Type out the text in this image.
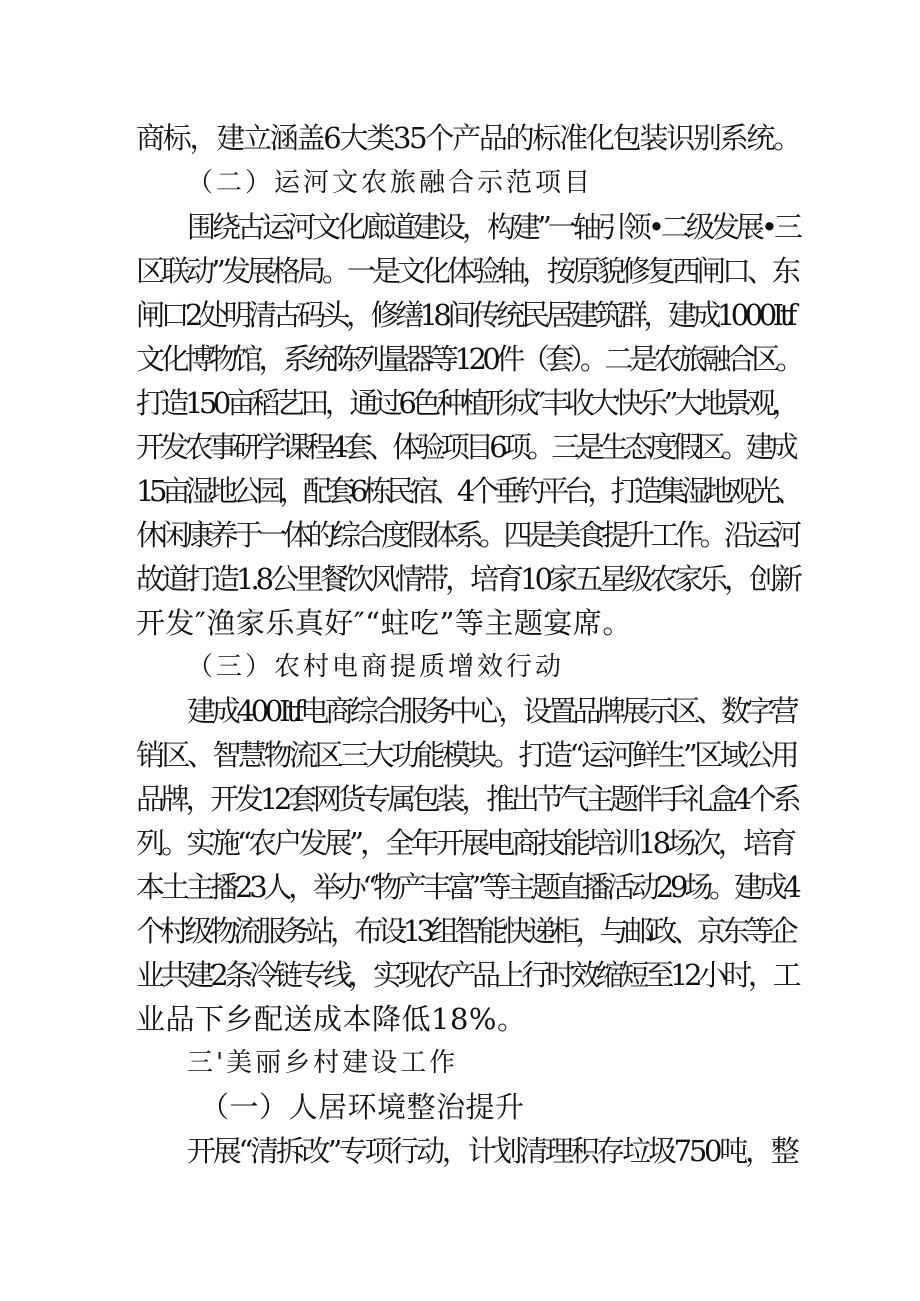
商标，建立涵盖6大类35个产品的标准化包装识别系统。
（二）运河文农旅融合示范项目
围绕古运河文化廊道建设，构建”一轴引领•二级发展•三
区联动”发展格局。一是文化体验轴，按原貌修复西闸口、东
闸口2处明清古码头，修缮18间传统民居建筑群，建成1000Itf
文化博物馆，系统陈列量器等120件（套）。二是农旅融合区。
打造150亩稻艺田，通过6色种植形成″丰收大快乐”大地景观，
开发农事研学课程4套、体验项目6项。三是生态度假区。建成
15亩湿地公园，配套6栋民宿、4个垂钓平台，打造集湿地观光、
休闲康养于一体的综合度假体系。四是美食提升工作。沿运河
故道打造1.8公里餐饮风情带，培育10家五星级农家乐，创新
开发″渔家乐真好″“蛀吃”等主题宴席。
（三）农村电商提质增效行动
建成400Itf电商综合服务中心，设置品牌展示区、数字营
销区、智慧物流区三大功能模块。打造“运河鲜生”区域公用
品牌，开发12套网货专属包装，推出节气主题伴手礼盒4个系
列。实施“农户发展”，全年开展电商技能培训18场次，培育
本土主播23人，举办“物产丰富”等主题直播活动29场。建成4
个村级物流服务站，布设13组智能快递柜，与邮政、京东等企
业共建2条冷链专线，实现农产品上行时效缩短至12小时，工
业品下乡配送成本降低18%。
三'美丽乡村建设工作
（一）人居环境整治提升
开展“清拆改”专项行动，计划清理积存垃圾750吨，整
